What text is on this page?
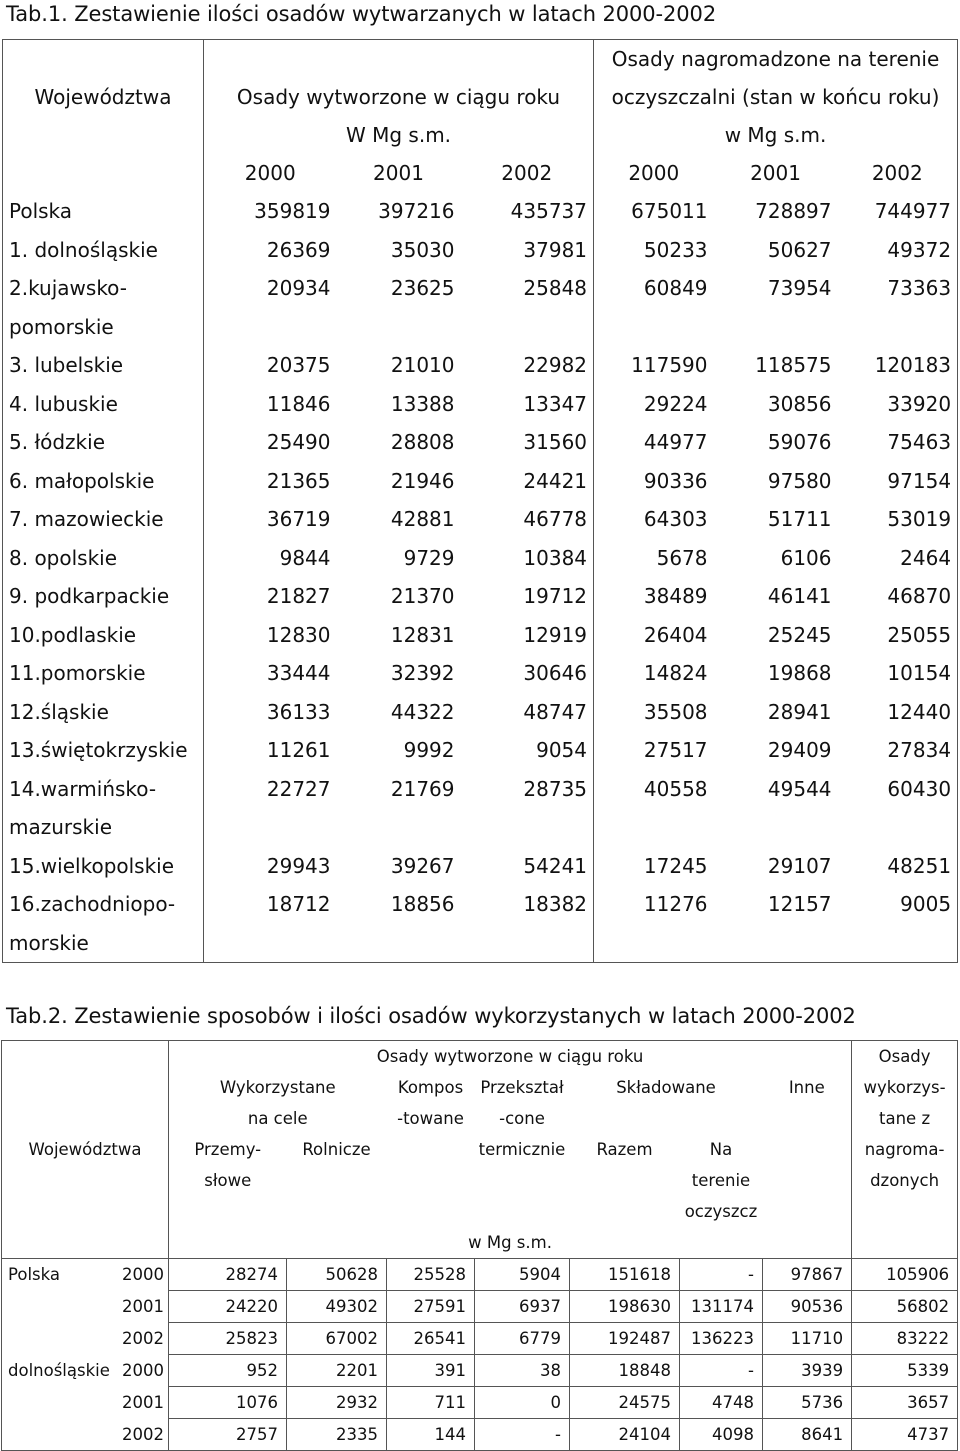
Tab.1. Zestawienie ilości osadów wytwarzanych w latach 2000-2002
				Osady nagromadzone na terenie		
Województwa	Osady wytworzone w ciągu roku			oczyszczalni (stan w końcu roku)		
	W Mg s.m.			w Mg s.m.		
	2000	2001	2002	2000	2001	2002

Polska	359819	397216	435737	675011	728897	744977

1. dolnośląskie	26369	35030	37981	50233	50627	49372

2.kujawsko-
pomorskie	20934	23625	25848	60849	73954	73363

3. lubelskie	20375	21010	22982	117590	118575	120183

4. lubuskie	11846	13388	13347	29224	30856	33920

5. łódzkie	25490	28808	31560	44977	59076	75463

6. małopolskie	21365	21946	24421	90336	97580	97154

7. mazowieckie	36719	42881	46778	64303	51711	53019

8. opolskie	9844	9729	10384	5678	6106	2464

9. podkarpackie	21827	21370	19712	38489	46141	46870

10.podlaskie	12830	12831	12919	26404	25245	25055

11.pomorskie	33444	32392	30646	14824	19868	10154

12.śląskie	36133	44322	48747	35508	28941	12440

13.świętokrzyskie	11261	9992	9054	27517	29409	27834

14.warmińsko-
mazurskie	22727	21769	28735	40558	49544	60430

15.wielkopolskie	29943	39267	54241	17245	29107	48251

16.zachodniopo-
morskie	18712	18856	18382	11276	12157	9005
Tab.2. Zestawienie sposobów i ilości osadów wykorzystanych w latach 2000-2002
		Osady wytworzone w ciągu roku							Osady
		Wykorzystane		Kompos	Przekształ	Składowane		Inne	wykorzys-
		na cele		-towane	-cone				tane z
Województwa		Przemy-	Rolnicze		termicznie	Razem	Na		nagroma-
		słowe					terenie		dzonych
							oczyszcz		
		w Mg s.m.							
Polska	2000	28274	50628	25528	5904	151618	-	97867	105906
	2001	24220	49302	27591	6937	198630	131174	90536	56802
	2002	25823	67002	26541	6779	192487	136223	11710	83222
dolnośląskie	2000	952	2201	391	38	18848	-	3939	5339
	2001	1076	2932	711	0	24575	4748	5736	3657
	2002	2757	2335	144	-	24104	4098	8641	4737
